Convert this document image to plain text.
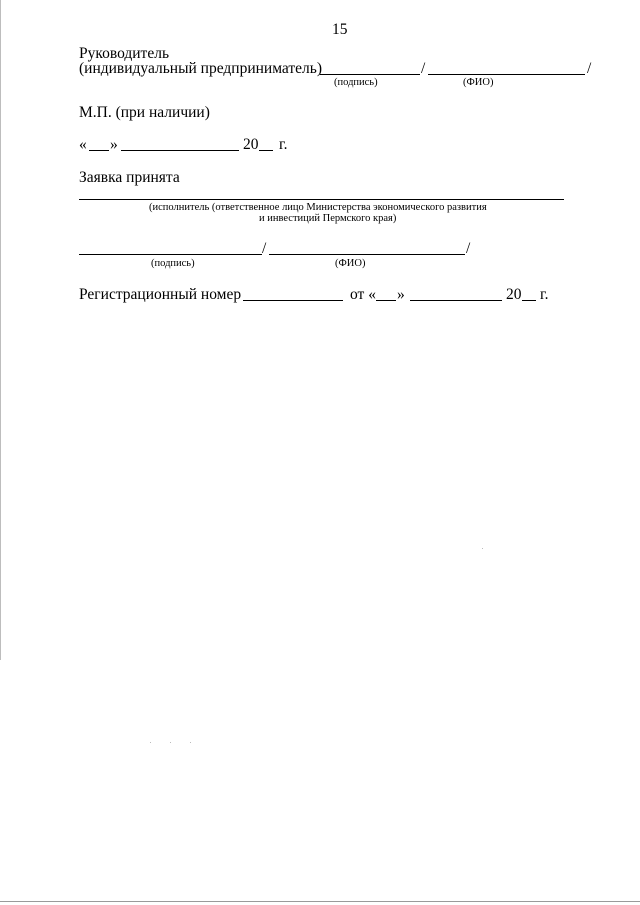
15
Руководитель
(индивидуальный предприниматель)	/	/
(подпись)	(ФИО)
М.П. (при наличии)
« »	20 г.
Заявка принята
(исполнитель (ответственное лицо Министерства экономического развития
и инвестиций Пермского края)
/	/
(подпись)	(ФИО)
Регистрационный номер	от « »	20 г.
